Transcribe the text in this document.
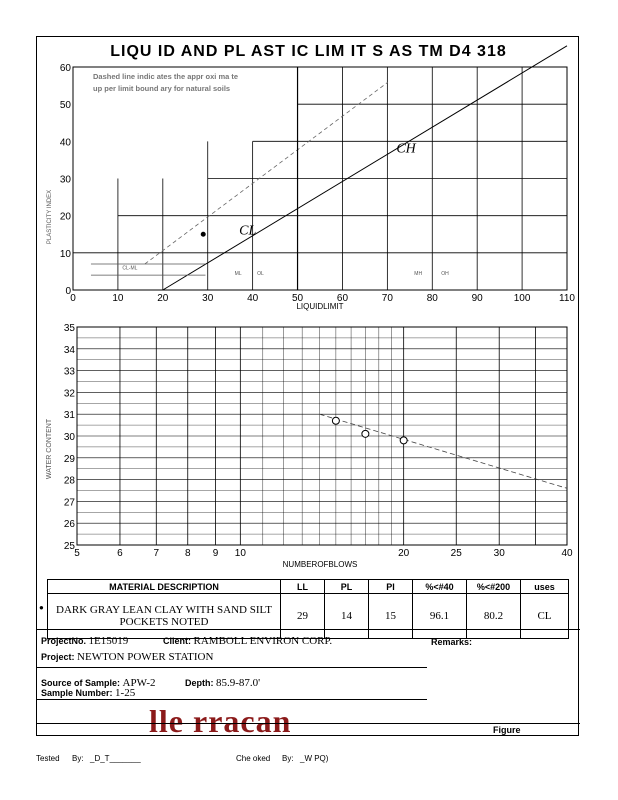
LIQU ID AND PL AST IC LIM IT S AS TM D4 318
CL
CH
ML	OL	MH	OH
CL-ML
0	10	20	30	40	50	60	70	80	90	100	110
0
10
20
30
40
50
60
Dashed line indic ates the appr oxi ma te
up per limit bound ary for natural soils
LIQUIDLIMIT
PLASTICITY INDEX
5	6	7	8 9 10	20	25	30	40
25
26
27
28
29
30
31
32
33
34
35
NUMBEROFBLOWS
WATER CONTENT
●
MATERIAL DESCRIPTION	LL	PL	PI	%<#40	%<#200	uses

DARK GRAY LEAN CLAY WITH SAND SILT
POCKETS NOTED	29	14	15	96.1	80.2	CL
ProjectNo. 1E15019	Client: RAMBOLL ENVIRON CORP.	Remarks:
Project: NEWTON POWER STATION
Source of Sample: APW-2	Depth: 85.9-87.0'
Sample Number: 1-25
lle rracan	Figure
Tested By: _D_T_______	Che oked By: _W PQ)
